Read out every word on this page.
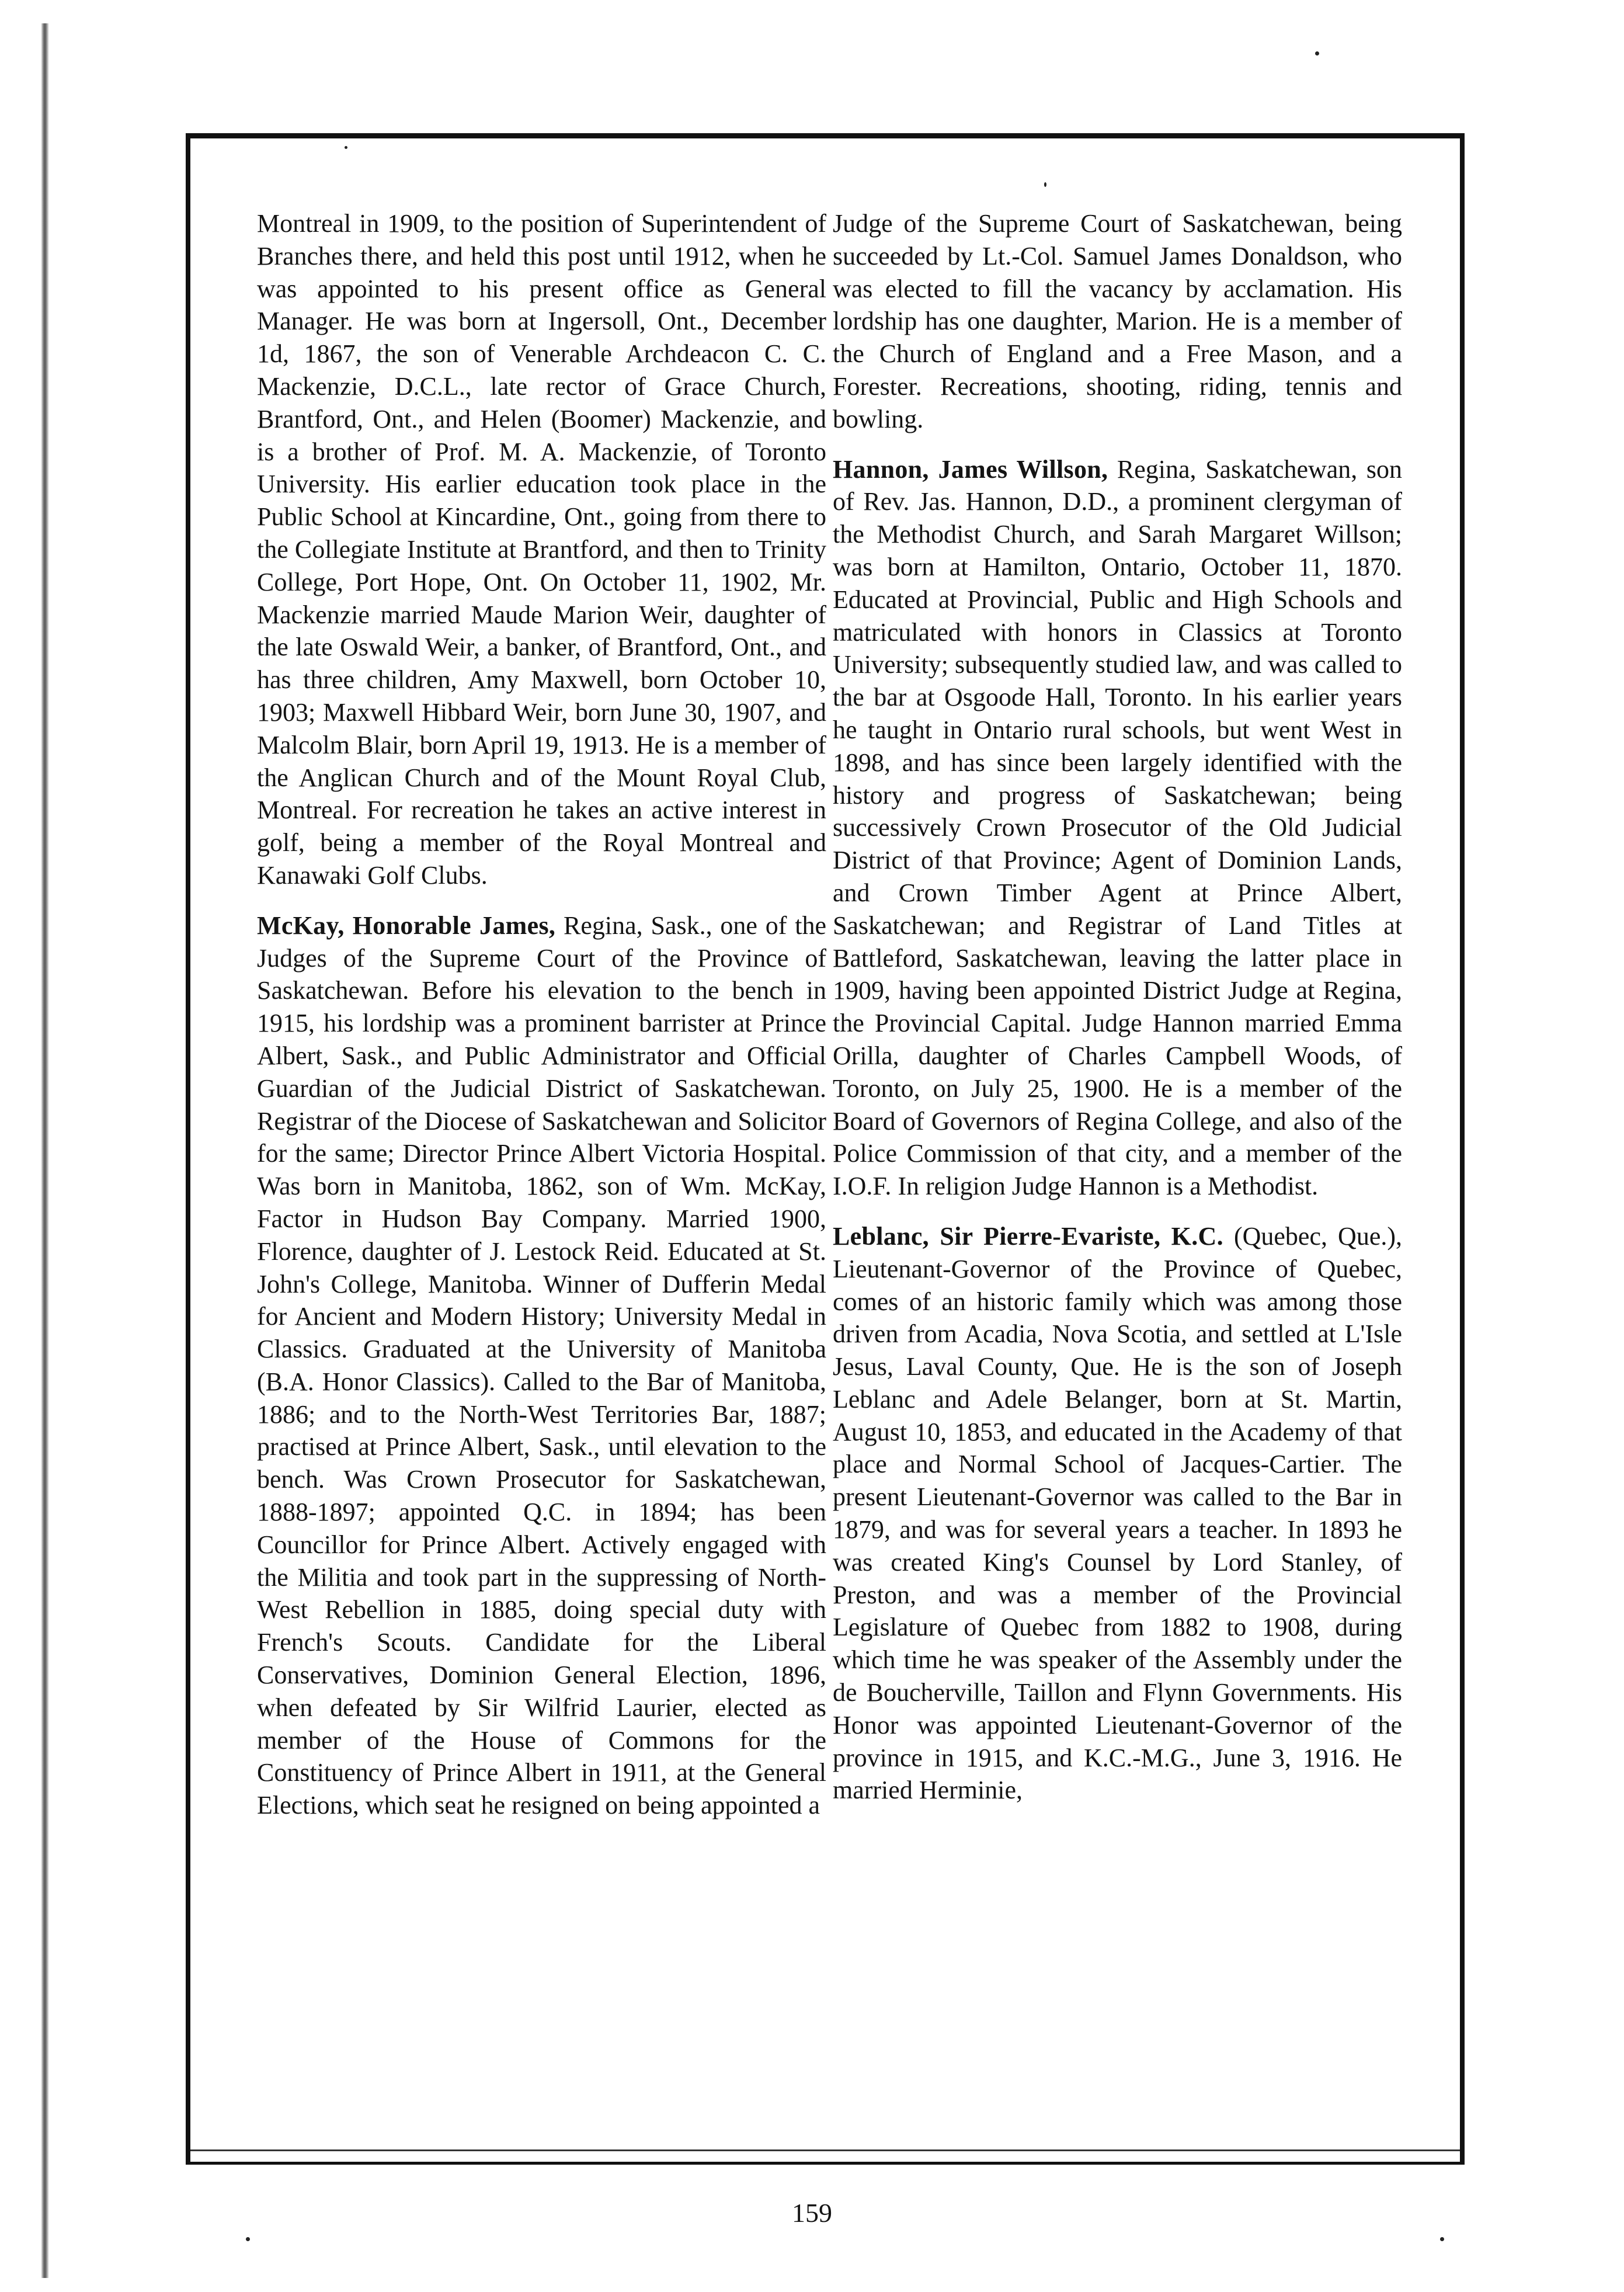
Montreal in 1909, to the position of Superintendent of Branches there, and held this post until 1912, when he was appointed to his present office as General Manager. He was born at Ingersoll, Ont., December 1d, 1867, the son of Venerable Archdeacon C. C. Mackenzie, D.C.L., late rector of Grace Church, Brantford, Ont., and Helen (Boomer) Mackenzie, and is a brother of Prof. M. A. Mackenzie, of Toronto University. His earlier education took place in the Public School at Kincardine, Ont., going from there to the Collegiate Institute at Brantford, and then to Trinity College, Port Hope, Ont. On October 11, 1902, Mr. Mackenzie married Maude Marion Weir, daughter of the late Oswald Weir, a banker, of Brantford, Ont., and has three children, Amy Maxwell, born October 10, 1903; Maxwell Hibbard Weir, born June 30, 1907, and Malcolm Blair, born April 19, 1913. He is a member of the Anglican Church and of the Mount Royal Club, Montreal. For recreation he takes an active interest in golf, being a member of the Royal Montreal and Kanawaki Golf Clubs.

McKay, Honorable James, Regina, Sask., one of the Judges of the Supreme Court of the Province of Saskatchewan. Before his elevation to the bench in 1915, his lordship was a prominent barrister at Prince Albert, Sask., and Public Administrator and Official Guardian of the Judicial District of Saskatchewan. Registrar of the Diocese of Saskatchewan and Solicitor for the same; Director Prince Albert Victoria Hospital. Was born in Manitoba, 1862, son of Wm. McKay, Factor in Hudson Bay Company. Married 1900, Florence, daughter of J. Lestock Reid. Educated at St. John's College, Manitoba. Winner of Dufferin Medal for Ancient and Modern History; University Medal in Classics. Graduated at the University of Manitoba (B.A. Honor Classics). Called to the Bar of Manitoba, 1886; and to the North-West Territories Bar, 1887; practised at Prince Albert, Sask., until elevation to the bench. Was Crown Prosecutor for Saskatchewan, 1888-1897; appointed Q.C. in 1894; has been Councillor for Prince Albert. Actively engaged with the Militia and took part in the suppressing of North-West Rebellion in 1885, doing special duty with French's Scouts. Candidate for the Liberal Conservatives, Dominion General Election, 1896, when defeated by Sir Wilfrid Laurier, elected as member of the House of Commons for the Constituency of Prince Albert in 1911, at the General Elections, which seat he resigned on being appointed a

Judge of the Supreme Court of Saskatchewan, being succeeded by Lt.-Col. Samuel James Donaldson, who was elected to fill the vacancy by acclamation. His lordship has one daughter, Marion. He is a member of the Church of England and a Free Mason, and a Forester. Recreations, shooting, riding, tennis and bowling.

Hannon, James Willson, Regina, Saskatchewan, son of Rev. Jas. Hannon, D.D., a prominent clergyman of the Methodist Church, and Sarah Margaret Willson; was born at Hamilton, Ontario, October 11, 1870. Educated at Provincial, Public and High Schools and matriculated with honors in Classics at Toronto University; subsequently studied law, and was called to the bar at Osgoode Hall, Toronto. In his earlier years he taught in Ontario rural schools, but went West in 1898, and has since been largely identified with the history and progress of Saskatchewan; being successively Crown Prosecutor of the Old Judicial District of that Province; Agent of Dominion Lands, and Crown Timber Agent at Prince Albert, Saskatchewan; and Registrar of Land Titles at Battleford, Saskatchewan, leaving the latter place in 1909, having been appointed District Judge at Regina, the Provincial Capital. Judge Hannon married Emma Orilla, daughter of Charles Campbell Woods, of Toronto, on July 25, 1900. He is a member of the Board of Governors of Regina College, and also of the Police Commission of that city, and a member of the I.O.F. In religion Judge Hannon is a Methodist.

Leblanc, Sir Pierre-Evariste, K.C. (Quebec, Que.), Lieutenant-Governor of the Province of Quebec, comes of an historic family which was among those driven from Acadia, Nova Scotia, and settled at L'Isle Jesus, Laval County, Que. He is the son of Joseph Leblanc and Adele Belanger, born at St. Martin, August 10, 1853, and educated in the Academy of that place and Normal School of Jacques-Cartier. The present Lieutenant-Governor was called to the Bar in 1879, and was for several years a teacher. In 1893 he was created King's Counsel by Lord Stanley, of Preston, and was a member of the Provincial Legislature of Quebec from 1882 to 1908, during which time he was speaker of the Assembly under the de Boucherville, Taillon and Flynn Governments. His Honor was appointed Lieutenant-Governor of the province in 1915, and K.C.-M.G., June 3, 1916. He married Herminie,

159
